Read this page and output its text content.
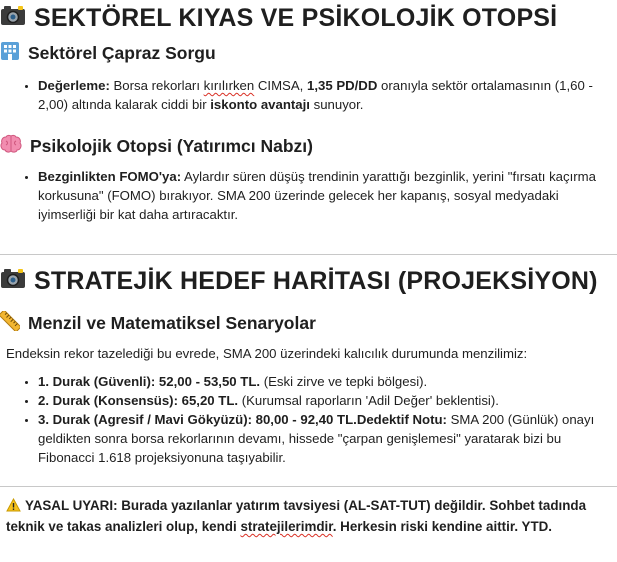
SEKTÖREL KIYAS VE PSİKOLOJİK OTOPSİ
Sektörel Çapraz Sorgu
• Değerleme: Borsa rekorları kırılırken CIMSA, 1,35 PD/DD oranıyla sektör ortalamasının (1,60 - 2,00) altında kalarak ciddi bir iskonto avantajı sunuyor.
Psikolojik Otopsi (Yatırımcı Nabzı)
• Bezginlikten FOMO'ya: Aylardır süren düşüş trendinin yarattığı bezginlik, yerini "fırsatı kaçırma korkusuna" (FOMO) bırakıyor. SMA 200 üzerinde gelecek her kapanış, sosyal medyadaki iyimserliği bir kat daha artıracaktır.
STRATEJİK HEDEF HARİTASI (PROJEKSİYON)
Menzil ve Matematiksel Senaryolar

Endeksin rekor tazelediği bu evrede, SMA 200 üzerindeki kalıcılık durumunda menzilimiz:

• 1. Durak (Güvenli): 52,00 - 53,50 TL. (Eski zirve ve tepki bölgesi).
• 2. Durak (Konsensüs): 65,20 TL. (Kurumsal raporların 'Adil Değer' beklentisi).
• 3. Durak (Agresif / Mavi Gökyüzü): 80,00 - 92,40 TL.Dedektif Notu: SMA 200 (Günlük) onayı geldikten sonra borsa rekorlarının devamı, hissede "çarpan genişlemesi" yaratarak bizi bu Fibonacci 1.618 projeksiyonuna taşıyabilir.

YASAL UYARI: Burada yazılanlar yatırım tavsiyesi (AL-SAT-TUT) değildir. Sohbet tadında teknik ve takas analizleri olup, kendi stratejilerimdir. Herkesin riski kendine aittir. YTD.
